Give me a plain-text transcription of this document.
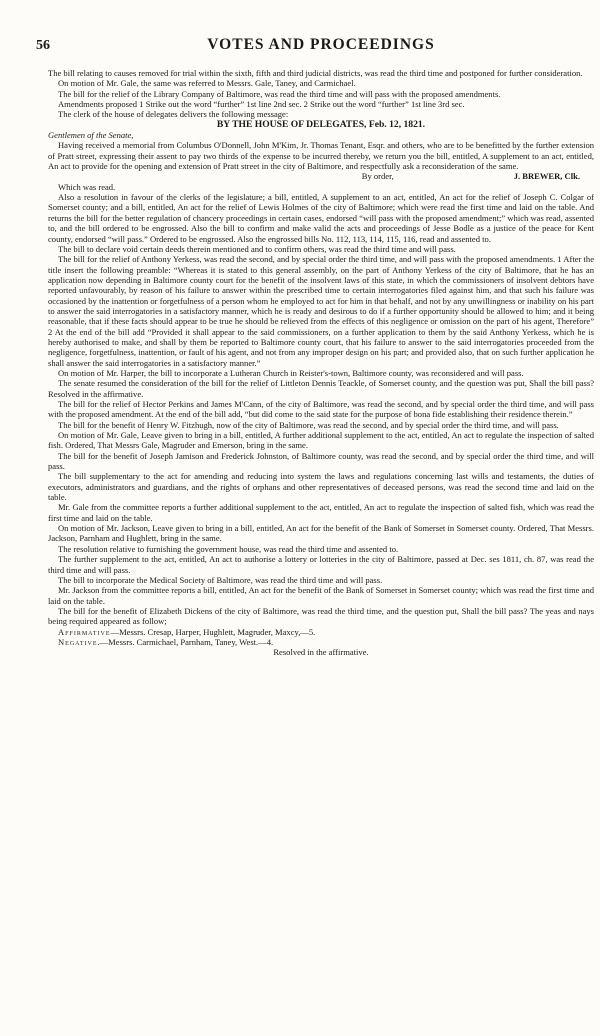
56	VOTES AND PROCEEDINGS

The bill relating to causes removed for trial within the sixth, fifth and third judicial districts, was read the third time and postponed for further consideration.

On motion of Mr. Gale, the same was referred to Messrs. Gale, Taney, and Carmichael.

The bill for the relief of the Library Company of Baltimore, was read the third time and will pass with the proposed amendments.

Amendments proposed 1 Strike out the word “further” 1st line 2nd sec. 2 Strike out the word “further” 1st line 3rd sec.

The clerk of the house of delegates delivers the following message:

BY THE HOUSE OF DELEGATES, Feb. 12, 1821.

Gentlemen of the Senate,

Having received a memorial from Columbus O'Donnell, John M'Kim, Jr. Thomas Tenant, Esqr. and others, who are to be benefitted by the further extension of Pratt street, expressing their assent to pay two thirds of the expense to be incurred thereby, we return you the bill, entitled, A supplement to an act, entitled, An act to provide for the opening and extension of Pratt street in the city of Baltimore, and respectfully ask a reconsideration of the same.

By order,	J. BREWER, Clk.

Which was read.

Also a resolution in favour of the clerks of the legislature; a bill, entitled, A supplement to an act, entitled, An act for the relief of Joseph C. Colgar of Somerset county; and a bill, entitled, An act for the relief of Lewis Holmes of the city of Baltimore; which were read the first time and laid on the table. And returns the bill for the better regulation of chancery proceedings in certain cases, endorsed “will pass with the proposed amendment;” which was read, assented to, and the bill ordered to be engrossed. Also the bill to confirm and make valid the acts and proceedings of Jesse Bodle as a justice of the peace for Kent county, endorsed “will pass.” Ordered to be engrossed. Also the engrossed bills No. 112, 113, 114, 115, 116, read and assented to.

The bill to declare void certain deeds therein mentioned and to confirm others, was read the third time and will pass.

The bill for the relief of Anthony Yerkess, was read the second, and by special order the third time, and will pass with the proposed amendments. 1 After the title insert the following preamble: “Whereas it is stated to this general assembly, on the part of Anthony Yerkess of the city of Baltimore, that he has an application now depending in Baltimore county court for the benefit of the insolvent laws of this state, in which the commissioners of insolvent debtors have reported unfavourably, by reason of his failure to answer within the prescribed time to certain interrogatories filed against him, and that such his failure was occasioned by the inattention or forgetfulness of a person whom he employed to act for him in that behalf, and not by any unwillingness or inability on his part to answer the said interrogatories in a satisfactory manner, which he is ready and desirous to do if a further opportunity should be allowed to him; and it being reasonable, that if these facts should appear to be true he should be relieved from the effects of this negligence or omission on the part of his agent, Therefore” 2 At the end of the bill add “Provided it shall appear to the said commissioners, on a further application to them by the said Anthony Yerkess, which he is hereby authorised to make, and shall by them be reported to Baltimore county court, that his failure to answer to the said interrogatories proceeded from the negligence, forgetfulness, inattention, or fault of his agent, and not from any improper design on his part; and provided also, that on such further application he shall answer the said interrogatories in a satisfactory manner.”

On motion of Mr. Harper, the bill to incorporate a Lutheran Church in Reister's-town, Baltimore county, was reconsidered and will pass.

The senate resumed the consideration of the bill for the relief of Littleton Dennis Teackle, of Somerset county, and the question was put, Shall the bill pass? Resolved in the affirmative.

The bill for the relief of Hector Perkins and James M'Cann, of the city of Baltimore, was read the second, and by special order the third time, and will pass with the proposed amendment. At the end of the bill add, “but did come to the said state for the purpose of bona fide establishing their residence therein.”

The bill for the benefit of Henry W. Fitzhugh, now of the city of Baltimore, was read the second, and by special order the third time, and will pass.

On motion of Mr. Gale, Leave given to bring in a bill, entitled, A further additional supplement to the act, entitled, An act to regulate the inspection of salted fish. Ordered, That Messrs Gale, Magruder and Emerson, bring in the same.

The bill for the benefit of Joseph Jamison and Frederick Johnston, of Baltimore county, was read the second, and by special order the third time, and will pass.

The bill supplementary to the act for amending and reducing into system the laws and regulations concerning last wills and testaments, the duties of executors, administrators and guardians, and the rights of orphans and other representatives of deceased persons, was read the second time and laid on the table.

Mr. Gale from the committee reports a further additional supplement to the act, entitled, An act to regulate the inspection of salted fish, which was read the first time and laid on the table.

On motion of Mr. Jackson, Leave given to bring in a bill, entitled, An act for the benefit of the Bank of Somerset in Somerset county. Ordered, That Messrs. Jackson, Parnham and Hughlett, bring in the same.

The resolution relative to furnishing the government house, was read the third time and assented to.

The further supplement to the act, entitled, An act to authorise a lottery or lotteries in the city of Baltimore, passed at Dec. ses 1811, ch. 87, was read the third time and will pass.

The bill to incorporate the Medical Society of Baltimore, was read the third time and will pass.

Mr. Jackson from the committee reports a bill, entitled, An act for the benefit of the Bank of Somerset in Somerset county; which was read the first time and laid on the table.

The bill for the benefit of Elizabeth Dickens of the city of Baltimore, was read the third time, and the question put, Shall the bill pass? The yeas and nays being required appeared as follow;

Affirmative—Messrs. Cresap, Harper, Hughlett, Magruder, Maxcy,—5.

Negative.—Messrs. Carmichael, Parnham, Taney, West.—4.

Resolved in the affirmative.
